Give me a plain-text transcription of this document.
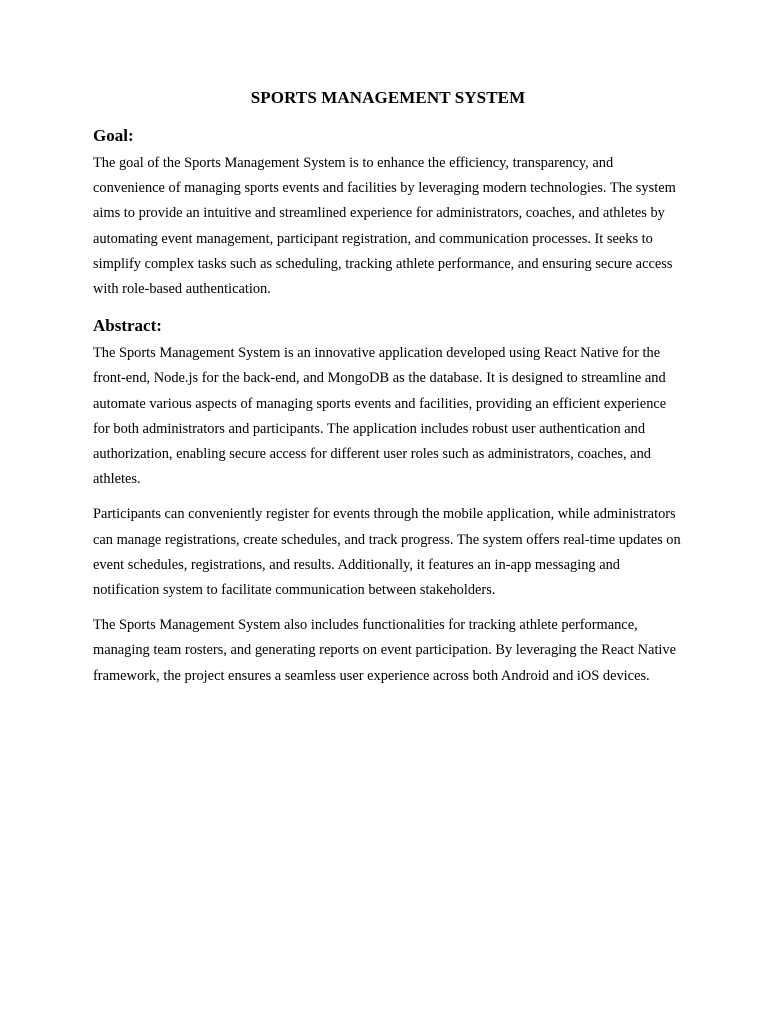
SPORTS MANAGEMENT SYSTEM
Goal:

The goal of the Sports Management System is to enhance the efficiency, transparency, and convenience of managing sports events and facilities by leveraging modern technologies. The system aims to provide an intuitive and streamlined experience for administrators, coaches, and athletes by automating event management, participant registration, and communication processes. It seeks to simplify complex tasks such as scheduling, tracking athlete performance, and ensuring secure access with role-based authentication.

Abstract:

The Sports Management System is an innovative application developed using React Native for the front-end, Node.js for the back-end, and MongoDB as the database. It is designed to streamline and automate various aspects of managing sports events and facilities, providing an efficient experience for both administrators and participants. The application includes robust user authentication and authorization, enabling secure access for different user roles such as administrators, coaches, and athletes.

Participants can conveniently register for events through the mobile application, while administrators can manage registrations, create schedules, and track progress. The system offers real-time updates on event schedules, registrations, and results. Additionally, it features an in-app messaging and notification system to facilitate communication between stakeholders.

The Sports Management System also includes functionalities for tracking athlete performance, managing team rosters, and generating reports on event participation. By leveraging the React Native framework, the project ensures a seamless user experience across both Android and iOS devices.
